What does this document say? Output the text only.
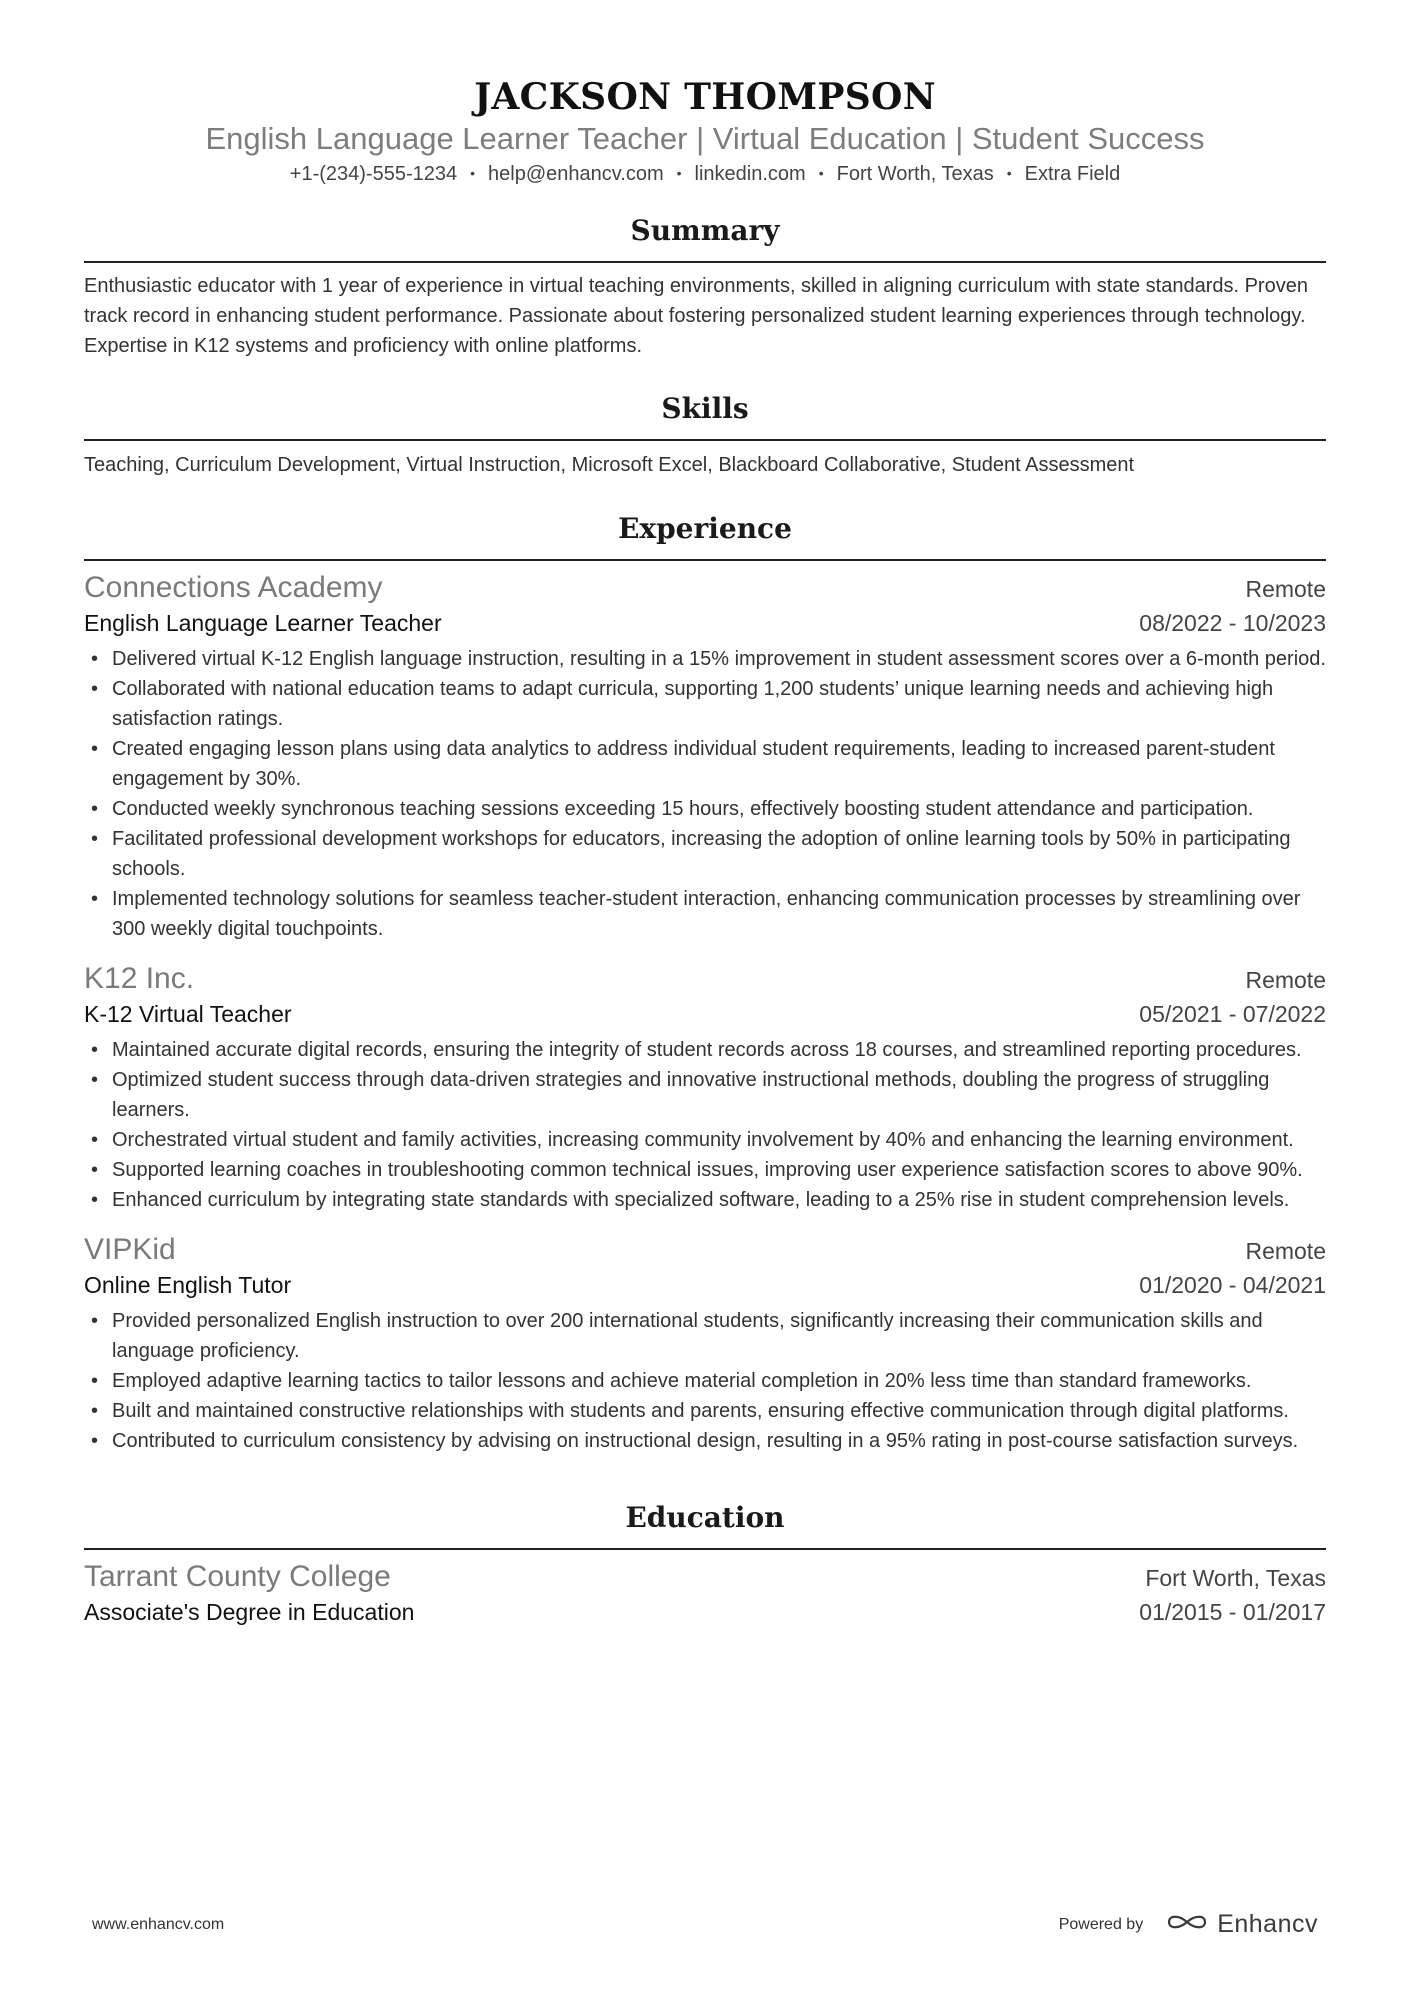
JACKSON THOMPSON
English Language Learner Teacher | Virtual Education | Student Success
+1-(234)-555-1234 • help@enhancv.com • linkedin.com • Fort Worth, Texas • Extra Field
Summary
Enthusiastic educator with 1 year of experience in virtual teaching environments, skilled in aligning curriculum with state standards. Proven track record in enhancing student performance. Passionate about fostering personalized student learning experiences through technology. Expertise in K12 systems and proficiency with online platforms.
Skills
Teaching, Curriculum Development, Virtual Instruction, Microsoft Excel, Blackboard Collaborative, Student Assessment
Experience
Connections Academy	Remote
English Language Learner Teacher	08/2022 - 10/2023
• Delivered virtual K-12 English language instruction, resulting in a 15% improvement in student assessment scores over a 6-month period.
• Collaborated with national education teams to adapt curricula, supporting 1,200 students’ unique learning needs and achieving high satisfaction ratings.
• Created engaging lesson plans using data analytics to address individual student requirements, leading to increased parent-student engagement by 30%.
• Conducted weekly synchronous teaching sessions exceeding 15 hours, effectively boosting student attendance and participation.
• Facilitated professional development workshops for educators, increasing the adoption of online learning tools by 50% in participating schools.
• Implemented technology solutions for seamless teacher-student interaction, enhancing communication processes by streamlining over 300 weekly digital touchpoints.
K12 Inc.	Remote
K-12 Virtual Teacher	05/2021 - 07/2022
• Maintained accurate digital records, ensuring the integrity of student records across 18 courses, and streamlined reporting procedures.
• Optimized student success through data-driven strategies and innovative instructional methods, doubling the progress of struggling learners.
• Orchestrated virtual student and family activities, increasing community involvement by 40% and enhancing the learning environment.
• Supported learning coaches in troubleshooting common technical issues, improving user experience satisfaction scores to above 90%.
• Enhanced curriculum by integrating state standards with specialized software, leading to a 25% rise in student comprehension levels.
VIPKid	Remote
Online English Tutor	01/2020 - 04/2021
• Provided personalized English instruction to over 200 international students, significantly increasing their communication skills and language proficiency.
• Employed adaptive learning tactics to tailor lessons and achieve material completion in 20% less time than standard frameworks.
• Built and maintained constructive relationships with students and parents, ensuring effective communication through digital platforms.
• Contributed to curriculum consistency by advising on instructional design, resulting in a 95% rating in post-course satisfaction surveys.
Education
Tarrant County College	Fort Worth, Texas
Associate's Degree in Education	01/2015 - 01/2017
www.enhancv.com	Powered by	Enhancv
